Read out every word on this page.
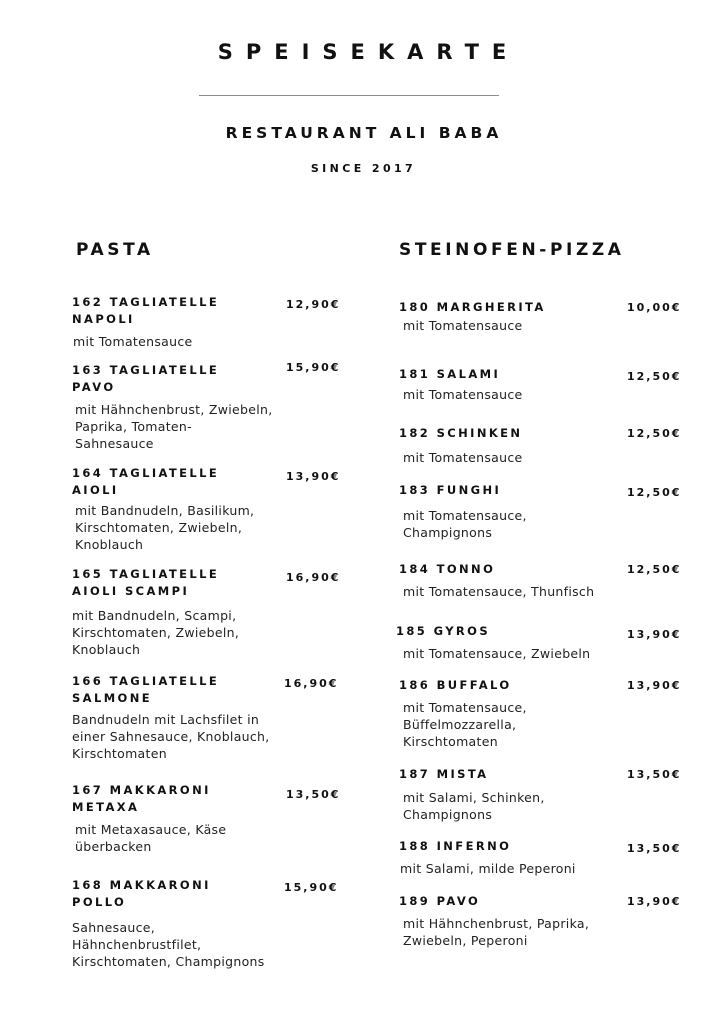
SPEISEKARTE
RESTAURANT ALI BABA
SINCE 2017
PASTA	STEINOFEN-PIZZA
162 TAGLIATELLE
NAPOLI
12,90€
mit Tomatensauce
163 TAGLIATELLE
PAVO
15,90€
mit Hähnchenbrust, Zwiebeln,
Paprika, Tomaten-
Sahnesauce
164 TAGLIATELLE
AIOLI
13,90€
mit Bandnudeln, Basilikum,
Kirschtomaten, Zwiebeln,
Knoblauch
165 TAGLIATELLE
AIOLI SCAMPI
16,90€
mit Bandnudeln, Scampi,
Kirschtomaten, Zwiebeln,
Knoblauch
166 TAGLIATELLE
SALMONE
16,90€
Bandnudeln mit Lachsfilet in
einer Sahnesauce, Knoblauch,
Kirschtomaten
167 MAKKARONI
METAXA
13,50€
mit Metaxasauce, Käse
überbacken
168 MAKKARONI
POLLO
15,90€
Sahnesauce,
Hähnchenbrustfilet,
Kirschtomaten, Champignons
180 MARGHERITA	10,00€
mit Tomatensauce
181 SALAMI	12,50€
mit Tomatensauce
182 SCHINKEN	12,50€
mit Tomatensauce
183 FUNGHI	12,50€
mit Tomatensauce,
Champignons
184 TONNO	12,50€
mit Tomatensauce, Thunfisch
185 GYROS	13,90€
mit Tomatensauce, Zwiebeln
186 BUFFALO	13,90€
mit Tomatensauce,
Büffelmozzarella,
Kirschtomaten
187 MISTA	13,50€
mit Salami, Schinken,
Champignons
188 INFERNO	13,50€
mit Salami, milde Peperoni
189 PAVO	13,90€
mit Hähnchenbrust, Paprika,
Zwiebeln, Peperoni
